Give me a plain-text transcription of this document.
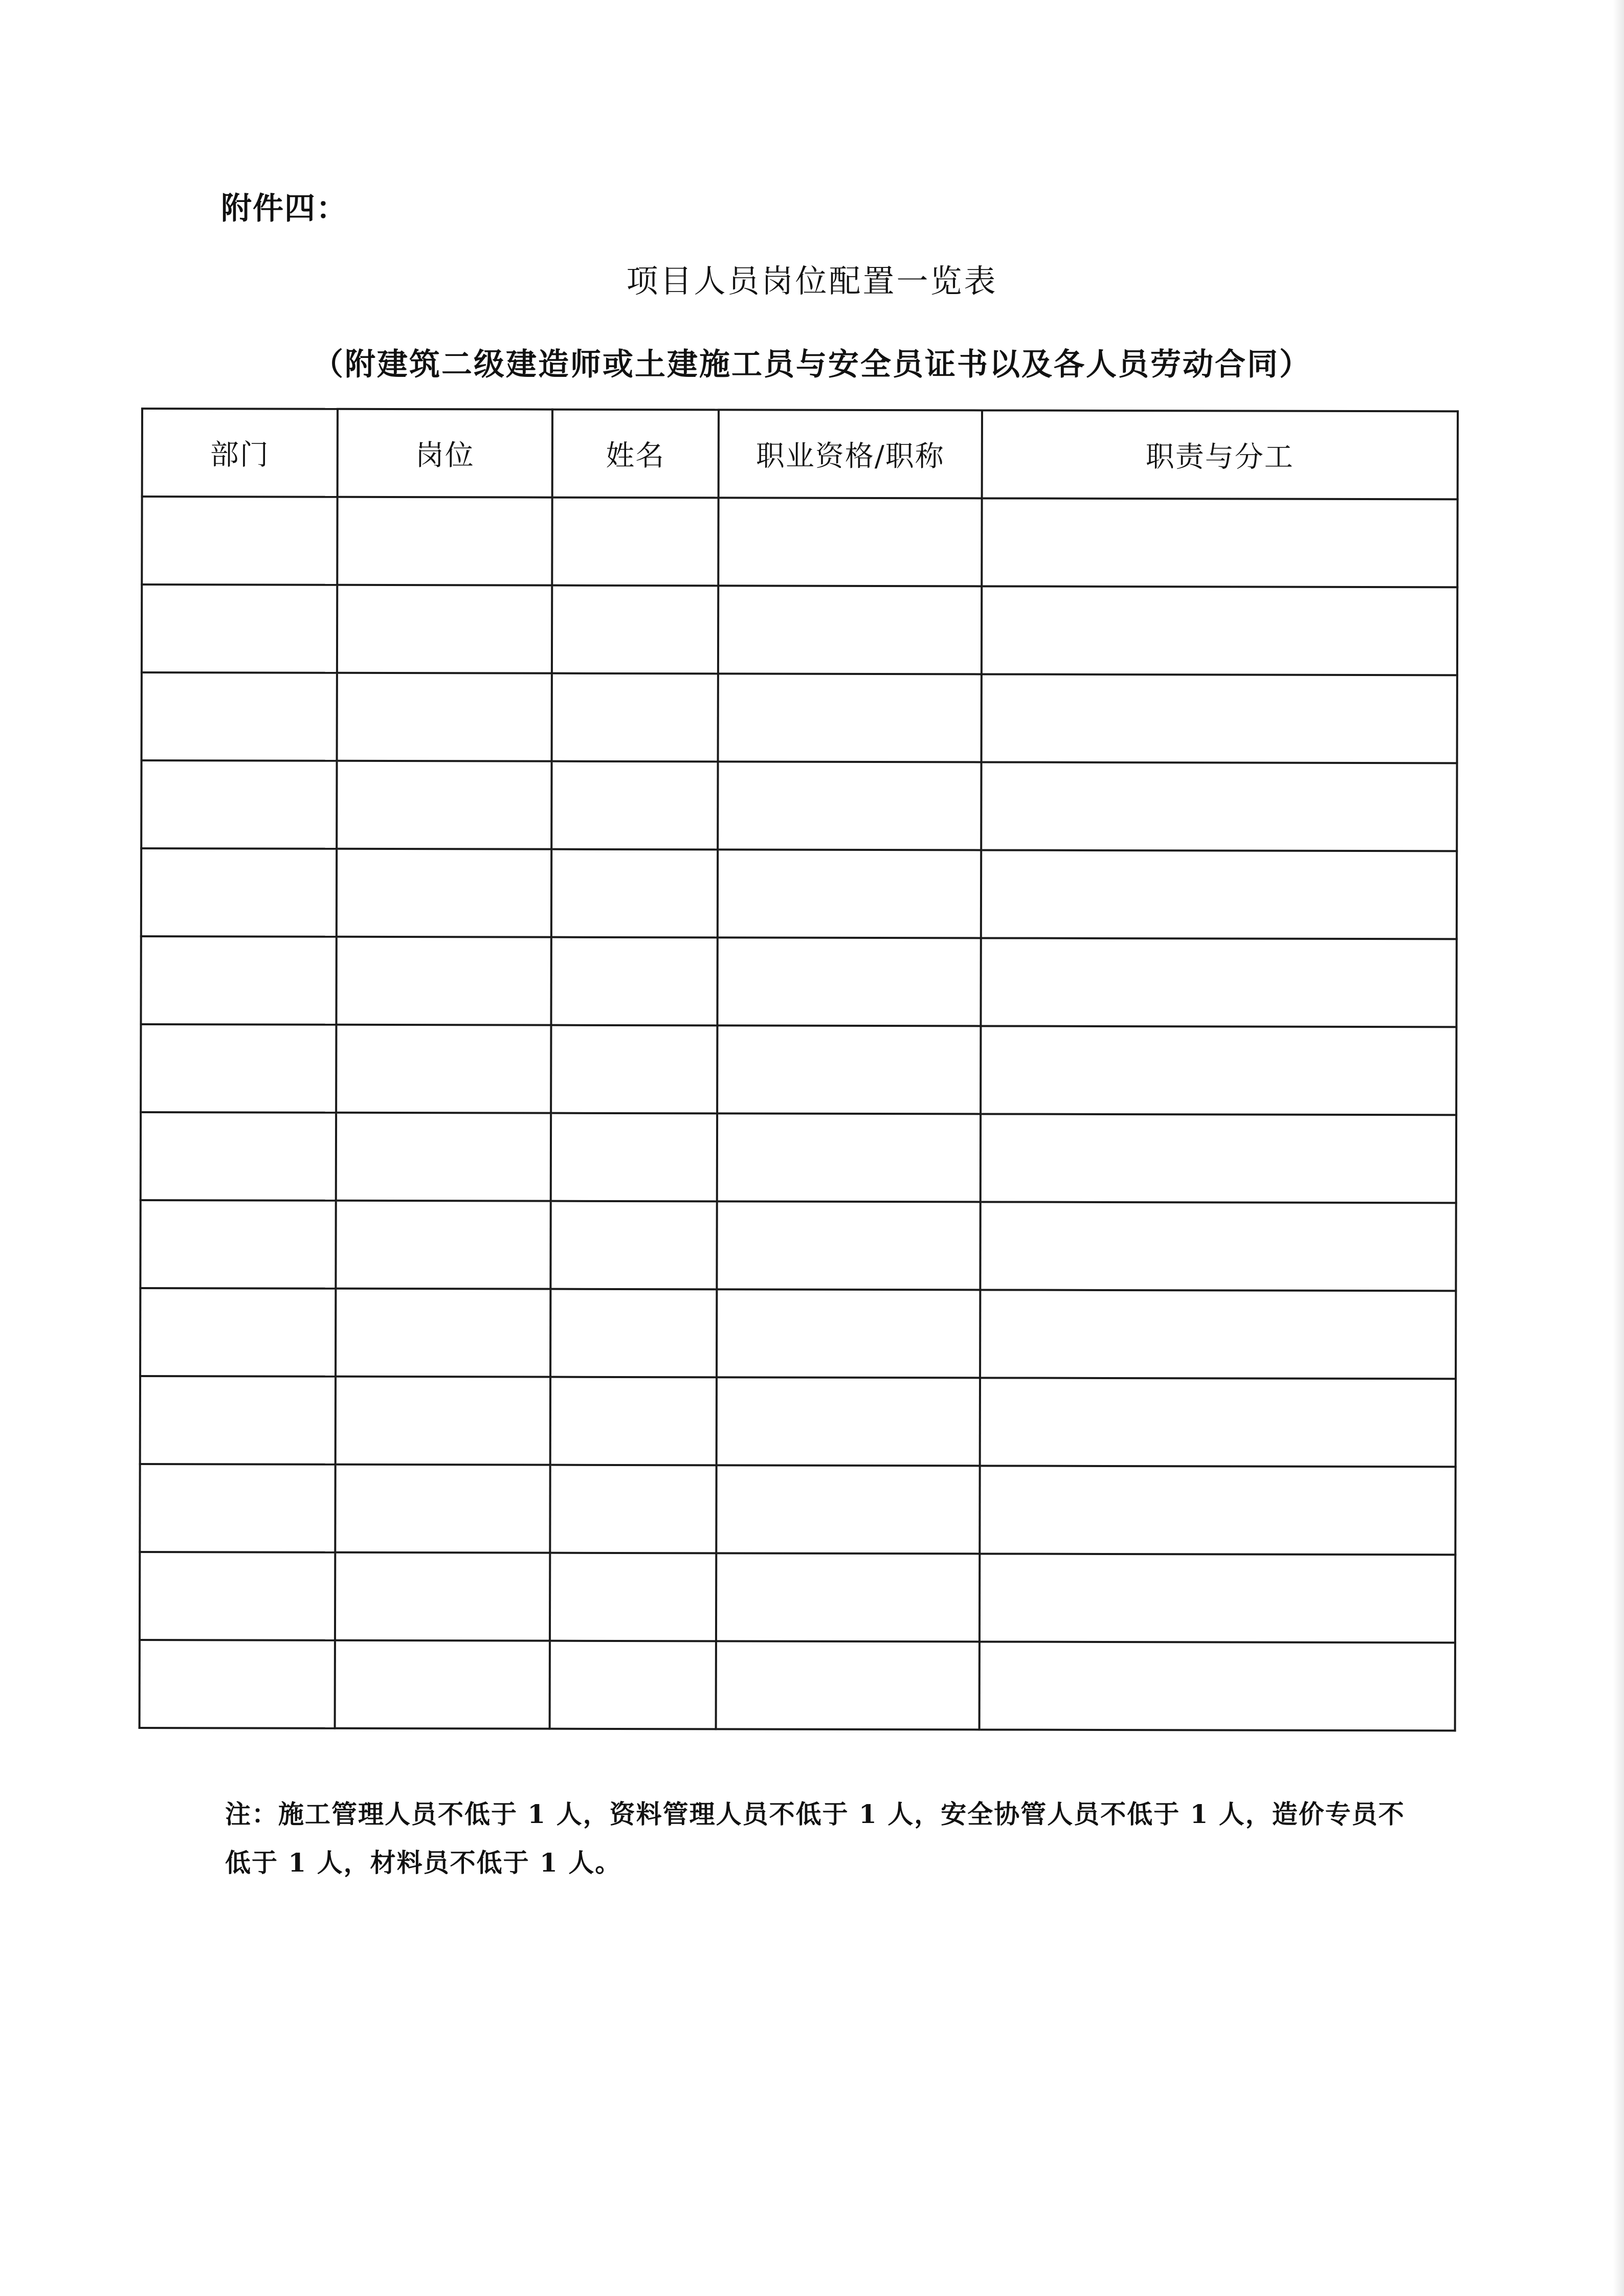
附件四：
项目人员岗位配置一览表
（附建筑二级建造师或土建施工员与安全员证书以及各人员劳动合同）
部门	岗位	姓名	职业资格/职称	职责与分工

注：施工管理人员不低于 1 人，资料管理人员不低于 1 人，安全协管人员不低于 1 人，造价专员不低于 1 人，材料员不低于 1 人。
